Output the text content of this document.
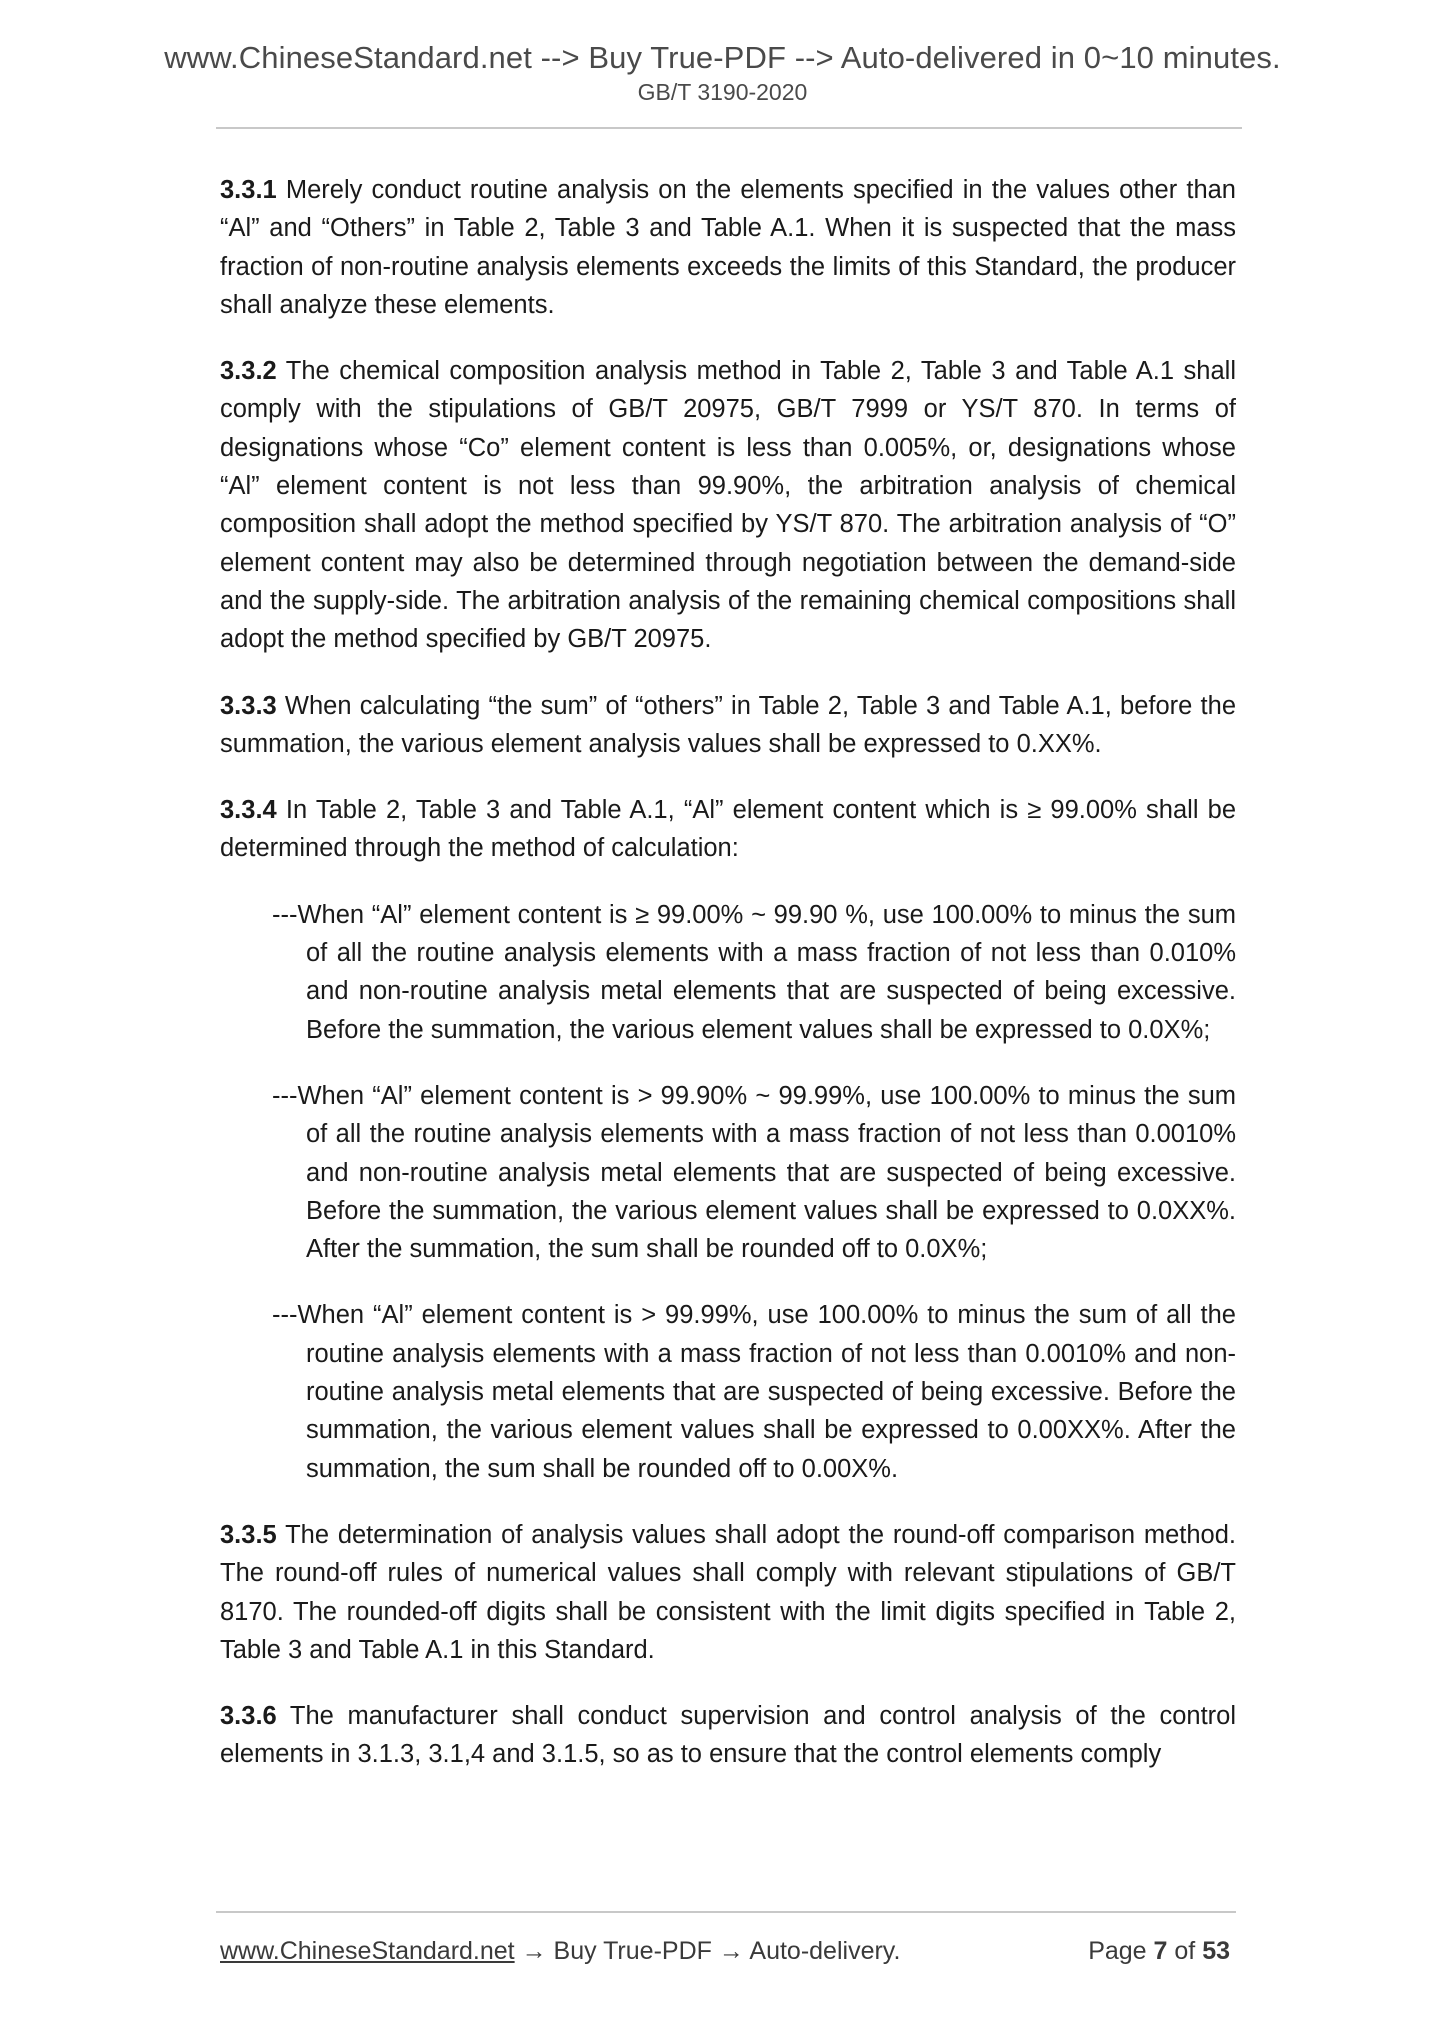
www.ChineseStandard.net --> Buy True-PDF --> Auto-delivered in 0~10 minutes.
GB/T 3190-2020

3.3.1 Merely conduct routine analysis on the elements specified in the values other than “Al” and “Others” in Table 2, Table 3 and Table A.1. When it is suspected that the mass fraction of non-routine analysis elements exceeds the limits of this Standard, the producer shall analyze these elements.

3.3.2 The chemical composition analysis method in Table 2, Table 3 and Table A.1 shall comply with the stipulations of GB/T 20975, GB/T 7999 or YS/T 870. In terms of designations whose “Co” element content is less than 0.005%, or, designations whose “Al” element content is not less than 99.90%, the arbitration analysis of chemical composition shall adopt the method specified by YS/T 870. The arbitration analysis of “O” element content may also be determined through negotiation between the demand-side and the supply-side. The arbitration analysis of the remaining chemical compositions shall adopt the method specified by GB/T 20975.

3.3.3 When calculating “the sum” of “others” in Table 2, Table 3 and Table A.1, before the summation, the various element analysis values shall be expressed to 0.XX%.

3.3.4 In Table 2, Table 3 and Table A.1, “Al” element content which is ≥ 99.00% shall be determined through the method of calculation:

---When “Al” element content is ≥ 99.00% ~ 99.90 %, use 100.00% to minus the sum of all the routine analysis elements with a mass fraction of not less than 0.010% and non-routine analysis metal elements that are suspected of being excessive. Before the summation, the various element values shall be expressed to 0.0X%;

---When “Al” element content is > 99.90% ~ 99.99%, use 100.00% to minus the sum of all the routine analysis elements with a mass fraction of not less than 0.0010% and non-routine analysis metal elements that are suspected of being excessive. Before the summation, the various element values shall be expressed to 0.0XX%. After the summation, the sum shall be rounded off to 0.0X%;

---When “Al” element content is > 99.99%, use 100.00% to minus the sum of all the routine analysis elements with a mass fraction of not less than 0.0010% and non-routine analysis metal elements that are suspected of being excessive. Before the summation, the various element values shall be expressed to 0.00XX%. After the summation, the sum shall be rounded off to 0.00X%.

3.3.5 The determination of analysis values shall adopt the round-off comparison method. The round-off rules of numerical values shall comply with relevant stipulations of GB/T 8170. The rounded-off digits shall be consistent with the limit digits specified in Table 2, Table 3 and Table A.1 in this Standard.

3.3.6 The manufacturer shall conduct supervision and control analysis of the control elements in 3.1.3, 3.1,4 and 3.1.5, so as to ensure that the control elements comply

www.ChineseStandard.net → Buy True-PDF → Auto-delivery.	Page 7 of 53
